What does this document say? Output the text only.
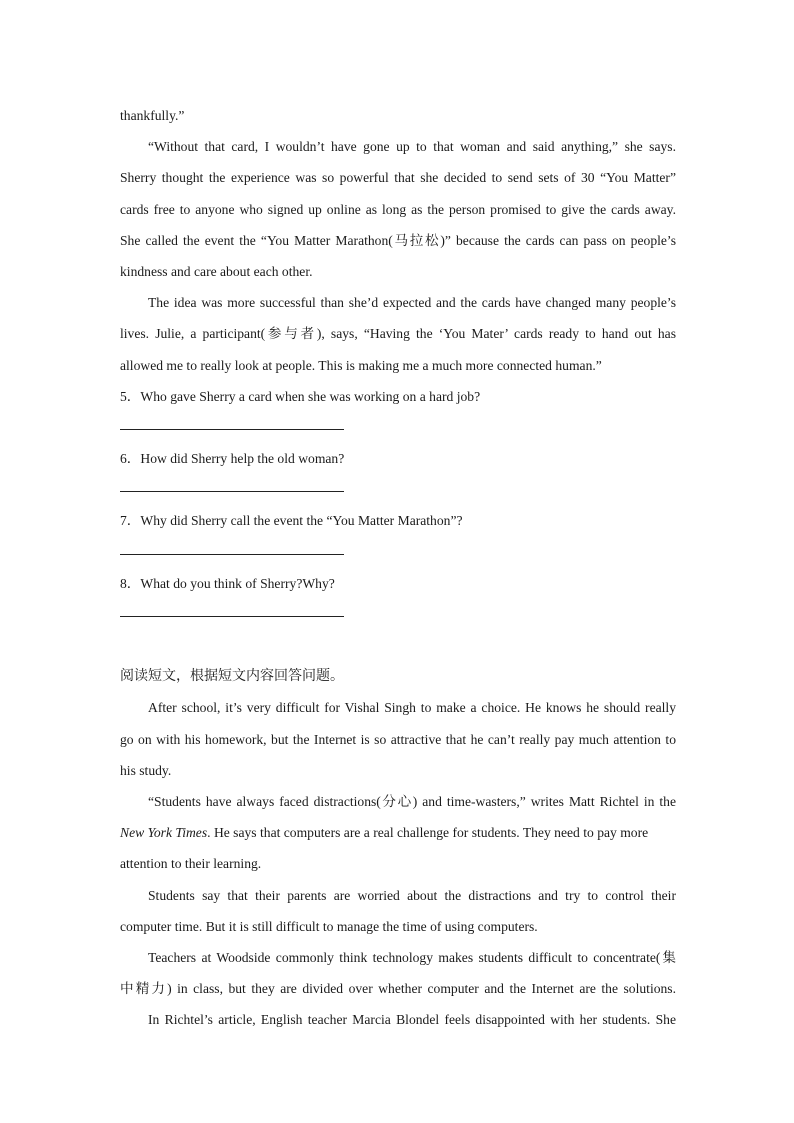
thankfully.”
“Without that card, I wouldn’t have gone up to that woman and said anything,” she says.
Sherry thought the experience was so powerful that she decided to send sets of 30 “You Matter”
cards free to anyone who signed up online as long as the person promised to give the cards away.
She called the event the “You Matter Marathon(马拉松)” because the cards can pass on people’s
kindness and care about each other.
The idea was more successful than she’d expected and the cards have changed many people’s
lives. Julie, a participant(参与者), says, “Having the ‘You Mater’ cards ready to hand out has
allowed me to really look at people. This is making me a much more connected human.”
5．Who gave Sherry a card when she was working on a hard job?
6．How did Sherry help the old woman?
7．Why did Sherry call the event the “You Matter Marathon”?
8．What do you think of Sherry?Why?
阅读短文，根据短文内容回答问题。
After school, it’s very difficult for Vishal Singh to make a choice. He knows he should really
go on with his homework, but the Internet is so attractive that he can’t really pay much attention to
his study.
“Students have always faced distractions(分心) and time-wasters,” writes Matt Richtel in the
New York Times. He says that computers are a real challenge for students. They need to pay more
attention to their learning.
Students say that their parents are worried about the distractions and try to control their
computer time. But it is still difficult to manage the time of using computers.
Teachers at Woodside commonly think technology makes students difficult to concentrate(集
中精力) in class, but they are divided over whether computer and the Internet are the solutions.
In Richtel’s article, English teacher Marcia Blondel feels disappointed with her students. She
